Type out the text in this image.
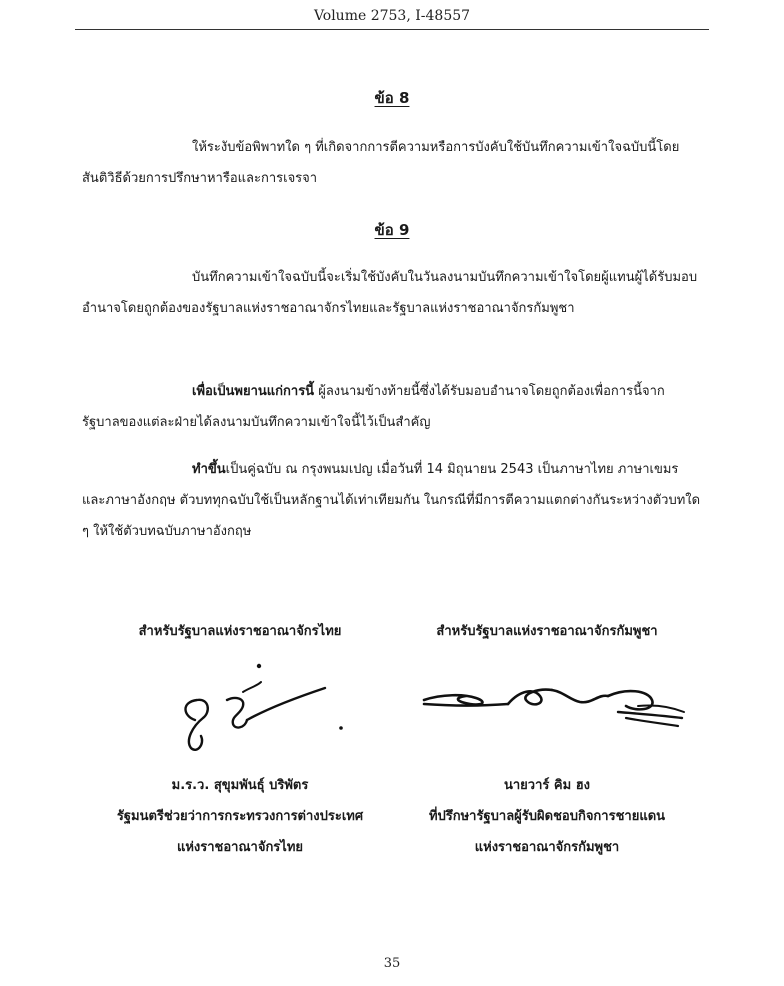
Volume 2753, I-48557
ข้อ 8

ให้ระงับข้อพิพาทใด ๆ ที่เกิดจากการตีความหรือการบังคับใช้บันทึกความเข้าใจฉบับนี้โดยสันติวิธีด้วยการปรึกษาหารือและการเจรจา

ข้อ 9

บันทึกความเข้าใจฉบับนี้จะเริ่มใช้บังคับในวันลงนามบันทึกความเข้าใจโดยผู้แทนผู้ได้รับมอบอำนาจโดยถูกต้องของรัฐบาลแห่งราชอาณาจักรไทยและรัฐบาลแห่งราชอาณาจักรกัมพูชา

เพื่อเป็นพยานแก่การนี้ ผู้ลงนามข้างท้ายนี้ซึ่งได้รับมอบอำนาจโดยถูกต้องเพื่อการนี้จากรัฐบาลของแต่ละฝ่ายได้ลงนามบันทึกความเข้าใจนี้ไว้เป็นสำคัญ

ทำขึ้นเป็นคู่ฉบับ ณ กรุงพนมเปญ เมื่อวันที่ 14 มิถุนายน 2543 เป็นภาษาไทย ภาษาเขมร และภาษาอังกฤษ ตัวบททุกฉบับใช้เป็นหลักฐานได้เท่าเทียมกัน ในกรณีที่มีการตีความแตกต่างกันระหว่างตัวบทใด ๆ ให้ใช้ตัวบทฉบับภาษาอังกฤษ

สำหรับรัฐบาลแห่งราชอาณาจักรไทย
ม.ร.ว. สุขุมพันธุ์ บริพัตร
รัฐมนตรีช่วยว่าการกระทรวงการต่างประเทศ
แห่งราชอาณาจักรไทย
สำหรับรัฐบาลแห่งราชอาณาจักรกัมพูชา
นายวาร์ คิม ฮง
ที่ปรึกษารัฐบาลผู้รับผิดชอบกิจการชายแดน
แห่งราชอาณาจักรกัมพูชา
35
